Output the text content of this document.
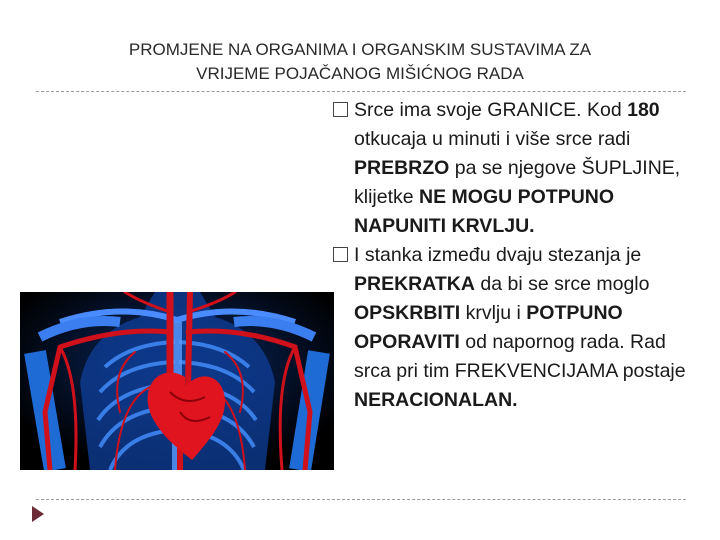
PROMJENE NA ORGANIMA I ORGANSKIM SUSTAVIMA ZA
VRIJEME POJAČANOG MIŠIĆNOG RADA
Srce ima svoje GRANICE. Kod 180 otkucaja u minuti i više srce radi PREBRZO pa se njegove ŠUPLJINE, klijetke NE MOGU POTPUNO NAPUNITI KRVLJU.
I stanka između dvaju stezanja je PREKRATKA da bi se srce moglo OPSKRBITI krvlju i POTPUNO OPORAVITI od napornog rada. Rad srca pri tim FREKVENCIJAMA postaje NERACIONALAN.
